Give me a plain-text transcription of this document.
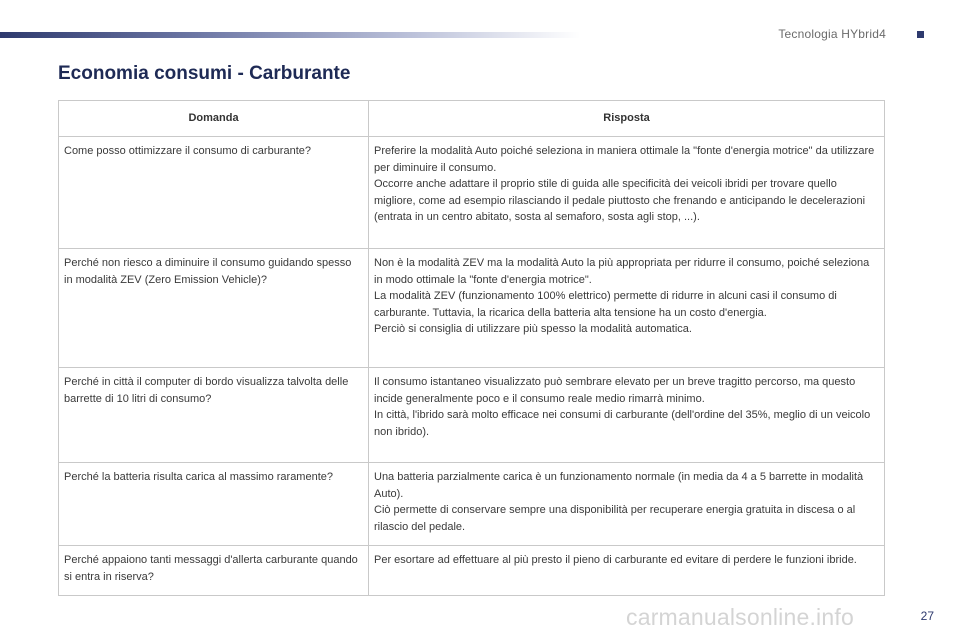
Tecnologia HYbrid4
Economia consumi - Carburante
Domanda	Risposta
Come posso ottimizzare il consumo di carburante?	Preferire la modalità Auto poiché seleziona in maniera ottimale la "fonte d'energia motrice" da utilizzare per diminuire il consumo.

Occorre anche adattare il proprio stile di guida alle specificità dei veicoli ibridi per trovare quello migliore, come ad esempio rilasciando il pedale piuttosto che frenando e anticipando le decelerazioni (entrata in un centro abitato, sosta al semaforo, sosta agli stop, ...).

Perché non riesco a diminuire il consumo guidando spesso in modalità ZEV (Zero Emission Vehicle)?	Non è la modalità ZEV ma la modalità Auto la più appropriata per ridurre il consumo, poiché seleziona in modo ottimale la "fonte d'energia motrice".

La modalità ZEV (funzionamento 100% elettrico) permette di ridurre in alcuni casi il consumo di carburante. Tuttavia, la ricarica della batteria alta tensione ha un costo d'energia.

Perciò si consiglia di utilizzare più spesso la modalità automatica.

Perché in città il computer di bordo visualizza talvolta delle barrette di 10 litri di consumo?	Il consumo istantaneo visualizzato può sembrare elevato per un breve tragitto percorso, ma questo incide generalmente poco e il consumo reale medio rimarrà minimo.

In città, l'ibrido sarà molto efficace nei consumi di carburante (dell'ordine del 35%, meglio di un veicolo non ibrido).

Perché la batteria risulta carica al massimo raramente?	Una batteria parzialmente carica è un funzionamento normale (in media da 4 a 5 barrette in modalità Auto).

Ciò permette di conservare sempre una disponibilità per recuperare energia gratuita in discesa o al rilascio del pedale.

Perché appaiono tanti messaggi d'allerta carburante quando si entra in riserva?	Per esortare ad effettuare al più presto il pieno di carburante ed evitare di perdere le funzioni ibride.

carmanualsonline.info	27
